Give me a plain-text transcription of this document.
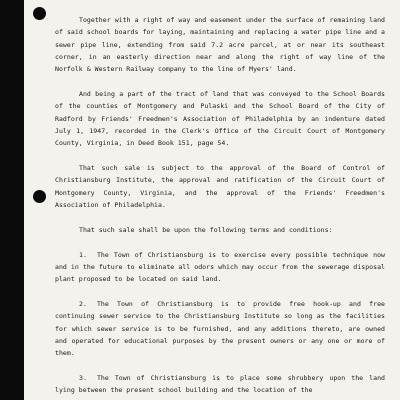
Together with a right of way and easement under the surface of remaining land of said school boards for laying, maintaining and replacing a water pipe line and a sewer pipe line, extending from said 7.2 acre parcel, at or near its southeast corner, in an easterly direction near and along the right of way line of the Norfolk & Western Railway company to the line of Myers' land.

And being a part of the tract of land that was conveyed to the School Boards of the counties of Montgomery and Pulaski and the School Board of the City of Radford by Friends' Freedmen's Association of Philadelphia by an indenture dated July 1, 1947, recorded in the Clerk's Office of the Circuit Court of Montgomery County, Virginia, in Deed Book 151, page 54.

That such sale is subject to the approval of the Board of Control of Christiansburg Institute, the approval and ratification of the Circuit Court of Montgomery County, Virginia, and the approval of the Friends' Freedmen's Association of Philadelphia.

That such sale shall be upon the following terms and conditions:

1. The Town of Christiansburg is to exercise every possible technique now and in the future to eliminate all odors which may occur from the sewerage disposal plant proposed to be located on said land.

2. The Town of Christiansburg is to provide free hook-up and free continuing sewer service to the Christiansburg Institute so long as the facilities for which sewer service is to be furnished, and any additions thereto, are owned and operated for educational purposes by the present owners or any one or more of them.

3. The Town of Christiansburg is to place some shrubbery upon the land lying between the present school building and the location of the
